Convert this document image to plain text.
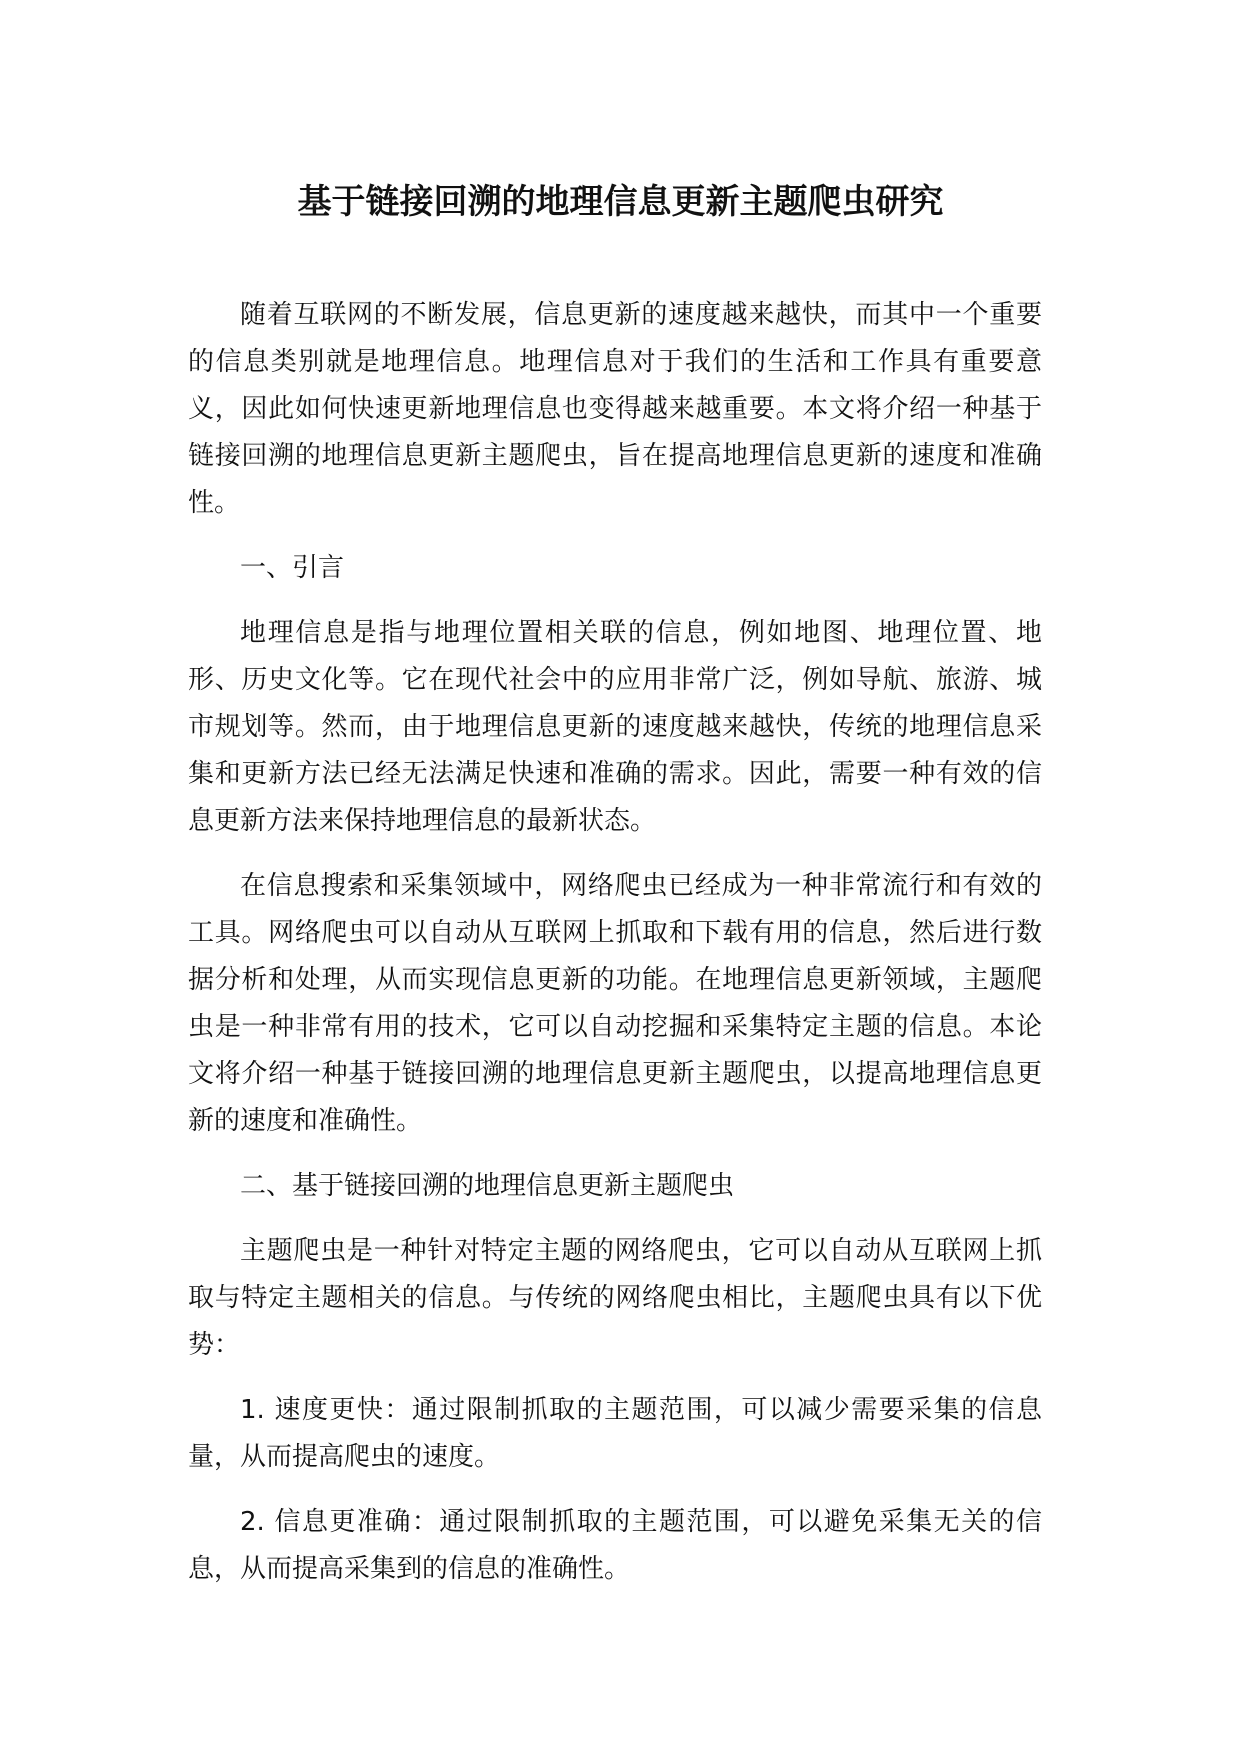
基于链接回溯的地理信息更新主题爬虫研究

随着互联网的不断发展，信息更新的速度越来越快，而其中一个重要的信息类别就是地理信息。地理信息对于我们的生活和工作具有重要意义，因此如何快速更新地理信息也变得越来越重要。本文将介绍一种基于链接回溯的地理信息更新主题爬虫，旨在提高地理信息更新的速度和准确性。

一、引言

地理信息是指与地理位置相关联的信息，例如地图、地理位置、地形、历史文化等。它在现代社会中的应用非常广泛，例如导航、旅游、城市规划等。然而，由于地理信息更新的速度越来越快，传统的地理信息采集和更新方法已经无法满足快速和准确的需求。因此，需要一种有效的信息更新方法来保持地理信息的最新状态。

在信息搜索和采集领域中，网络爬虫已经成为一种非常流行和有效的工具。网络爬虫可以自动从互联网上抓取和下载有用的信息，然后进行数据分析和处理，从而实现信息更新的功能。在地理信息更新领域，主题爬虫是一种非常有用的技术，它可以自动挖掘和采集特定主题的信息。本论文将介绍一种基于链接回溯的地理信息更新主题爬虫，以提高地理信息更新的速度和准确性。

二、基于链接回溯的地理信息更新主题爬虫

主题爬虫是一种针对特定主题的网络爬虫，它可以自动从互联网上抓取与特定主题相关的信息。与传统的网络爬虫相比，主题爬虫具有以下优势：

1. 速度更快：通过限制抓取的主题范围，可以减少需要采集的信息量，从而提高爬虫的速度。

2. 信息更准确：通过限制抓取的主题范围，可以避免采集无关的信息，从而提高采集到的信息的准确性。
